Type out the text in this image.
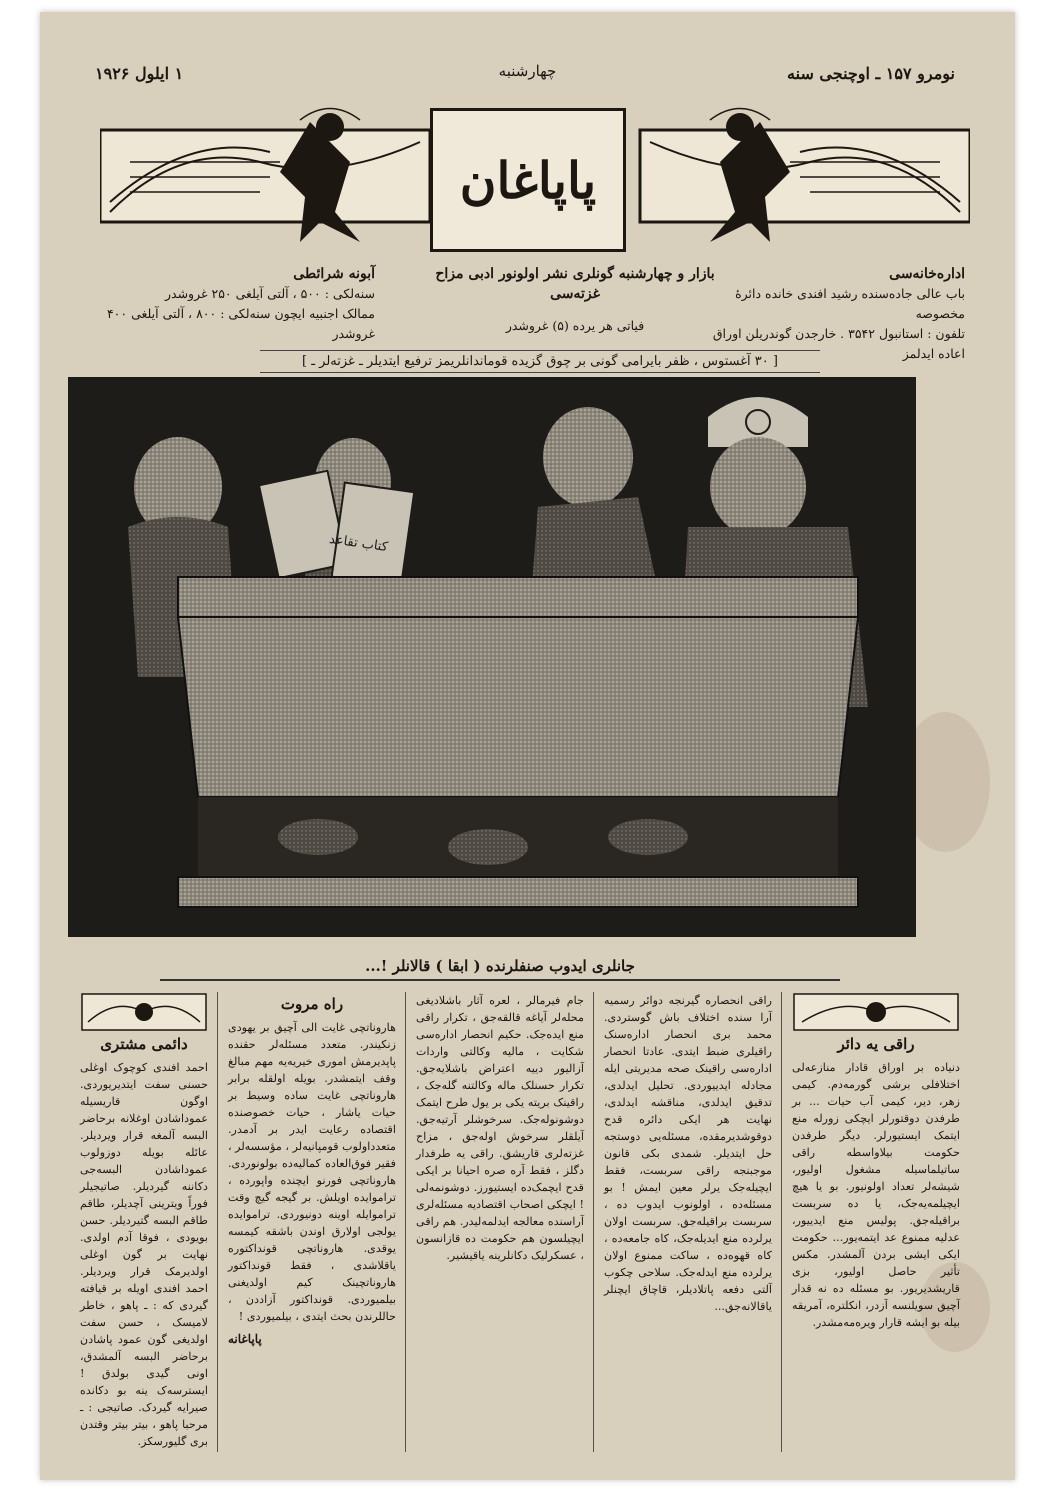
نومرو ۱۵۷ ـ اوچنجی سنه
چهارشنبه
۱ ايلول ۱۹۲۶
پاپاغان
اداره‌خانه‌سی
باب عالی جاده‌سنده رشید افندی خانده دائرهٔ مخصوصه
تلفون : استانبول ۳۵۴۲ . خارجدن گوندریلن اوراق اعاده ایدلمز
بازار و چهارشنبه گونلری نشر اولونور ادبی مزاح غزته‌سی
فیاتی هر یرده (۵) غروشدر
آبونه شرائطی
سنه‌لکی : ۵۰۰ ، آلتی آیلغی ۲۵۰ غروشدر
ممالک اجنبیه ایچون سنه‌لکی : ۸۰۰ ، آلتی آیلغی ۴۰۰ غروشدر
[ ۳۰ آغستوس ، ظفر بایرامی گونی بر چوق گزیده قوماندانلریمز ترفیع ایتدیلر ـ غزته‌لر ـ ]
کتاب تقاعد
جانلری ایدوب صنفلرنده ( ابقا ) قالانلر !...
راقی یه دائر
دنیاده بر اوراق قادار منازعه‌لی اختلافلی برشی گورمه‌دم. کیمی زهر، دیر، کیمی آب حیات ... بر طرفدن دوقتورلر ایچکی زورله منع ایتمک ایستیورلر. دیگر طرفدن حکومت بیلاواسطه راقی ساتیلماسیله مشغول اولیور، شیشه‌لر تعداد اولونیور. بو یا هیچ ایچیلمه‌یه‌جک، یا ده سربست براقیله‌جق. پولیس منع ایدییور، عدلیه ممنوع عد ایتمه‌یور... حکومت ایکی ایشی بردن آلمشدر. مکس تأثیر حاصل اولیور، بزی قاریشدیریور. بو مسئله ده نه قدار آچیق سویلنسه آزدر، انکلتره، آمریقه بیله بو ایشه قارار ویره‌مه‌مشدر.
راقی انحصاره گیرنجه دوائر رسمیه آرا سنده اختلاف باش گوستردی. محمد بری انحصار اداره‌سنک راقیلری ضبط ایتدی. عادتا انحصار اداره‌سی راقینک صحه مدیریتی ایله مجادله ایدییوردی. تحلیل ایدلدی، تدقیق ایدلدی، مناقشه ایدلدی، نهایت هر ایکی دائره قدح دوقوشدیرمقده، مسئله‌یی دوستجه حل ایتدیلر. شمدی بکی قانون موجبنجه راقی سربست، فقط ایچیله‌جک یرلر معین ایمش ! بو مسئله‌ده ، اولونوب ایدوب ده ، سربست براقیله‌جق. سربست اولان یرلرده منع ایدیله‌جک، کاه جامعه‌ده ، کاه قهوه‌ده ، ساکت ممنوع اولان یرلرده منع ایدله‌جک. سلاحی چکوب آلتی دفعه پاتلادیلر، قاچاق ایچنلر یاقالانه‌جق...
جام فیرمالر ، لعره آثار باشلادیغی محله‌لر آیاغه قالقه‌جق ، تکرار راقی منع ایده‌جک. حکیم انحصار اداره‌سی شکایت ، مالیه وکالتی واردات آزالیور دییه اعتراض باشلایه‌جق. تکرار حسنلک ماله وکالتنه گله‌جک ، راقینک بریته یکی بر یول طرح ایتمک دوشونوله‌جک. سرخوشلر آرتیه‌جق. آیلقلر سرخوش اوله‌جق ، مزاح غزته‌لری قاریشق. راقی یه طرفدار دگلز ، فقط آره صره احیانا بر ایکی قدح ایچمک‌ده ایستیورز. دوشونمه‌لی ! ایچکی اصحاب اقتصادیه مسئله‌لری آراسنده معالجه ایدلمه‌لیدر. هم راقی ایچیلسون هم حکومت ده قازانسون ، عسکرلیک دکانلرینه یاقیشیر.
راه مروت
هاروناتچی غایت الی آچیق بر یهودی زنکیندر. متعدد مسئله‌لر حقنده پاپدیرمش اموری خیریه‌یه مهم مبالغ وقف ایتمشدر. بویله اولقله برابر هاروناتچی غایت ساده وسیط بر حیات یاشار ، حیات خصوصنده اقتصاده رعایت ایدر بر آدمدر. متعدداولوب قومپانیه‌لر ، مؤسسه‌لر ، فقیر فوق‌العاده کمالیه‌ده بولونوردی. هاروناتچی فورنو ایچنده واپورده ، تراموایده اویلش. بر گیجه گیچ وقت تراموایله اوینه دونیوردی. تراموایده یولجی اولارق اوندن باشقه کیمسه یوقدی. هاروناتچی قونداکتوره یاقلاشدی ، فقط قونداکتور هاروناتچینک کیم اولدیغنی بیلمیوردی. قونداکتور آزاددن ، حاللرندن بحث ایتدی ، بیلمیوردی !
پاپاغانه
دائمی مشتری
احمد افندی کوچوک اوغلی حسنی سفت ایتدیریوردی. اوگون قاریسیله عموداشادن اوغلانه برحاضر البسه آلمغه قرار ویردیلر. عائله بویله دوزولوب عموداشادن البسه‌جی دکاننه گیردیلر. صاتیجیلر فوراً ویترینی آچدیلر، طاقم طاقم البسه گتیردیلر. حسن بویودی ، فوقا آدم اولدی. نهایت بر گون اوغلی اولدیرمک قرار ویردیلر. احمد افندی اویله بر قیافته گیردی که : ـ پاهو ، خاطر لامیسک ، حسن سفت اولدیغی گون عمود پاشادن برحاضر البسه آلمشدق، اونی گیدی بولدق ! ایسترسه‌ک ینه بو دکانده صیرایه گیردک. صاتیجی : ـ مرحبا پاهو ، بیتر بیتر وقتدن بری گلیورسکز.
